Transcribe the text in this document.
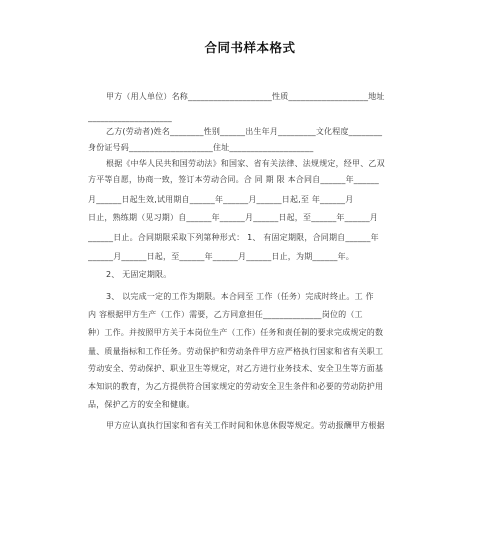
合同书样本格式
甲方（用人单位）名称____________________性质___________________地址
____________________
乙方(劳动者)姓名________性别______出生年月_________文化程度________
身份证号码____________________住址____________________
根据《中华人民共和国劳动法》和国家、省有关法律、法规规定，经甲、乙双
方平等自愿，协商一致，签订本劳动合同。合 同 期 限 本合同自______年______
月______日起生效,试用期自______年______月______日起,至 年______月
日止，熟练期（见习期）自______年______月______日起，至______年______月
______日止。合同期限采取下列第种形式： 1、 有固定期限，合同期自______年
______月______日起，至______年______月______日止，为期______年。
2、 无固定期限。
3、 以完成一定的工作为期限。本合同至 工作（任务）完成时终止。工 作
内 容根据甲方生产（工作）需要，乙方同意担任______________岗位的（工
种）工作。并按照甲方关于本岗位生产（工作）任务和责任制的要求完成规定的数
量、质量指标和工作任务。劳动保护和劳动条件甲方应严格执行国家和省有关职工
劳动安全、劳动保护、职业卫生等规定，对乙方进行业务技术、安全卫生等方面基
本知识的教育，为乙方提供符合国家规定的劳动安全卫生条件和必要的劳动防护用
品，保护乙方的安全和健康。
甲方应认真执行国家和省有关工作时间和休息休假等规定。劳动报酬甲方根据
